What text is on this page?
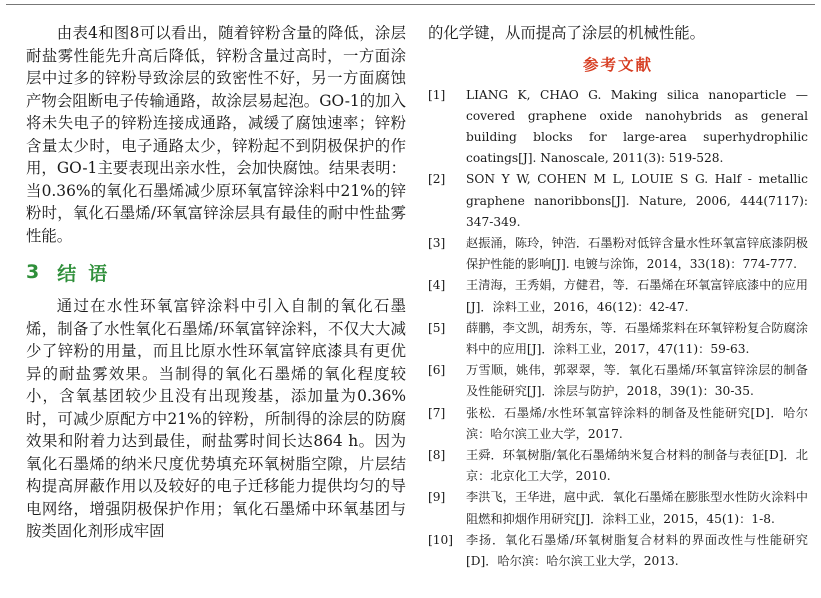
由表4和图8可以看出，随着锌粉含量的降低，涂层耐盐雾性能先升高后降低，锌粉含量过高时，一方面涂层中过多的锌粉导致涂层的致密性不好，另一方面腐蚀产物会阻断电子传输通路，故涂层易起泡。GO-1的加入将未失电子的锌粉连接成通路，减缓了腐蚀速率；锌粉含量太少时，电子通路太少，锌粉起不到阴极保护的作用，GO-1主要表现出亲水性，会加快腐蚀。结果表明：当0.36%的氧化石墨烯减少原环氧富锌涂料中21%的锌粉时，氧化石墨烯/环氧富锌涂层具有最佳的耐中性盐雾性能。

3 结语

通过在水性环氧富锌涂料中引入自制的氧化石墨烯，制备了水性氧化石墨烯/环氧富锌涂料，不仅大大减少了锌粉的用量，而且比原水性环氧富锌底漆具有更优异的耐盐雾效果。当制得的氧化石墨烯的氧化程度较小，含氧基团较少且没有出现羧基，添加量为0.36%时，可减少原配方中21%的锌粉，所制得的涂层的防腐效果和附着力达到最佳，耐盐雾时间长达864 h。因为氧化石墨烯的纳米尺度优势填充环氧树脂空隙，片层结构提高屏蔽作用以及较好的电子迁移能力提供均匀的导电网络，增强阴极保护作用；氧化石墨烯中环氧基团与胺类固化剂形成牢固

的化学键，从而提高了涂层的机械性能。

参考文献
[1] LIANG K, CHAO G. Making silica nanoparticle — covered graphene oxide nanohybrids as general building blocks for large-area superhydrophilic coatings[J]. Nanoscale, 2011(3): 519-528.
[2] SON Y W, COHEN M L, LOUIE S G. Half - metallic graphene nanoribbons[J]. Nature, 2006, 444(7117): 347-349.
[3] 赵振涌，陈玲，钟浩．石墨粉对低锌含量水性环氧富锌底漆阴极保护性能的影响[J]. 电镀与涂饰，2014，33(18)：774-777.
[4] 王清海，王秀娟，方健君，等．石墨烯在环氧富锌底漆中的应用[J]．涂料工业，2016，46(12)：42-47.
[5] 薛鹏，李文凯，胡秀东，等．石墨烯浆料在环氧锌粉复合防腐涂料中的应用[J]．涂料工业，2017，47(11)：59-63.
[6] 万雪顺，姚伟，郭翠翠，等．氧化石墨烯/环氧富锌涂层的制备及性能研究[J]．涂层与防护，2018，39(1)：30-35.
[7] 张松．石墨烯/水性环氧富锌涂料的制备及性能研究[D]．哈尔滨：哈尔滨工业大学，2017.
[8] 王舜．环氧树脂/氧化石墨烯纳米复合材料的制备与表征[D]．北京：北京化工大学，2010.
[9] 李洪飞，王华进，扈中武．氧化石墨烯在膨胀型水性防火涂料中阻燃和抑烟作用研究[J]．涂料工业，2015，45(1)：1-8.
[10] 李扬．氧化石墨烯/环氧树脂复合材料的界面改性与性能研究[D]．哈尔滨：哈尔滨工业大学，2013.
